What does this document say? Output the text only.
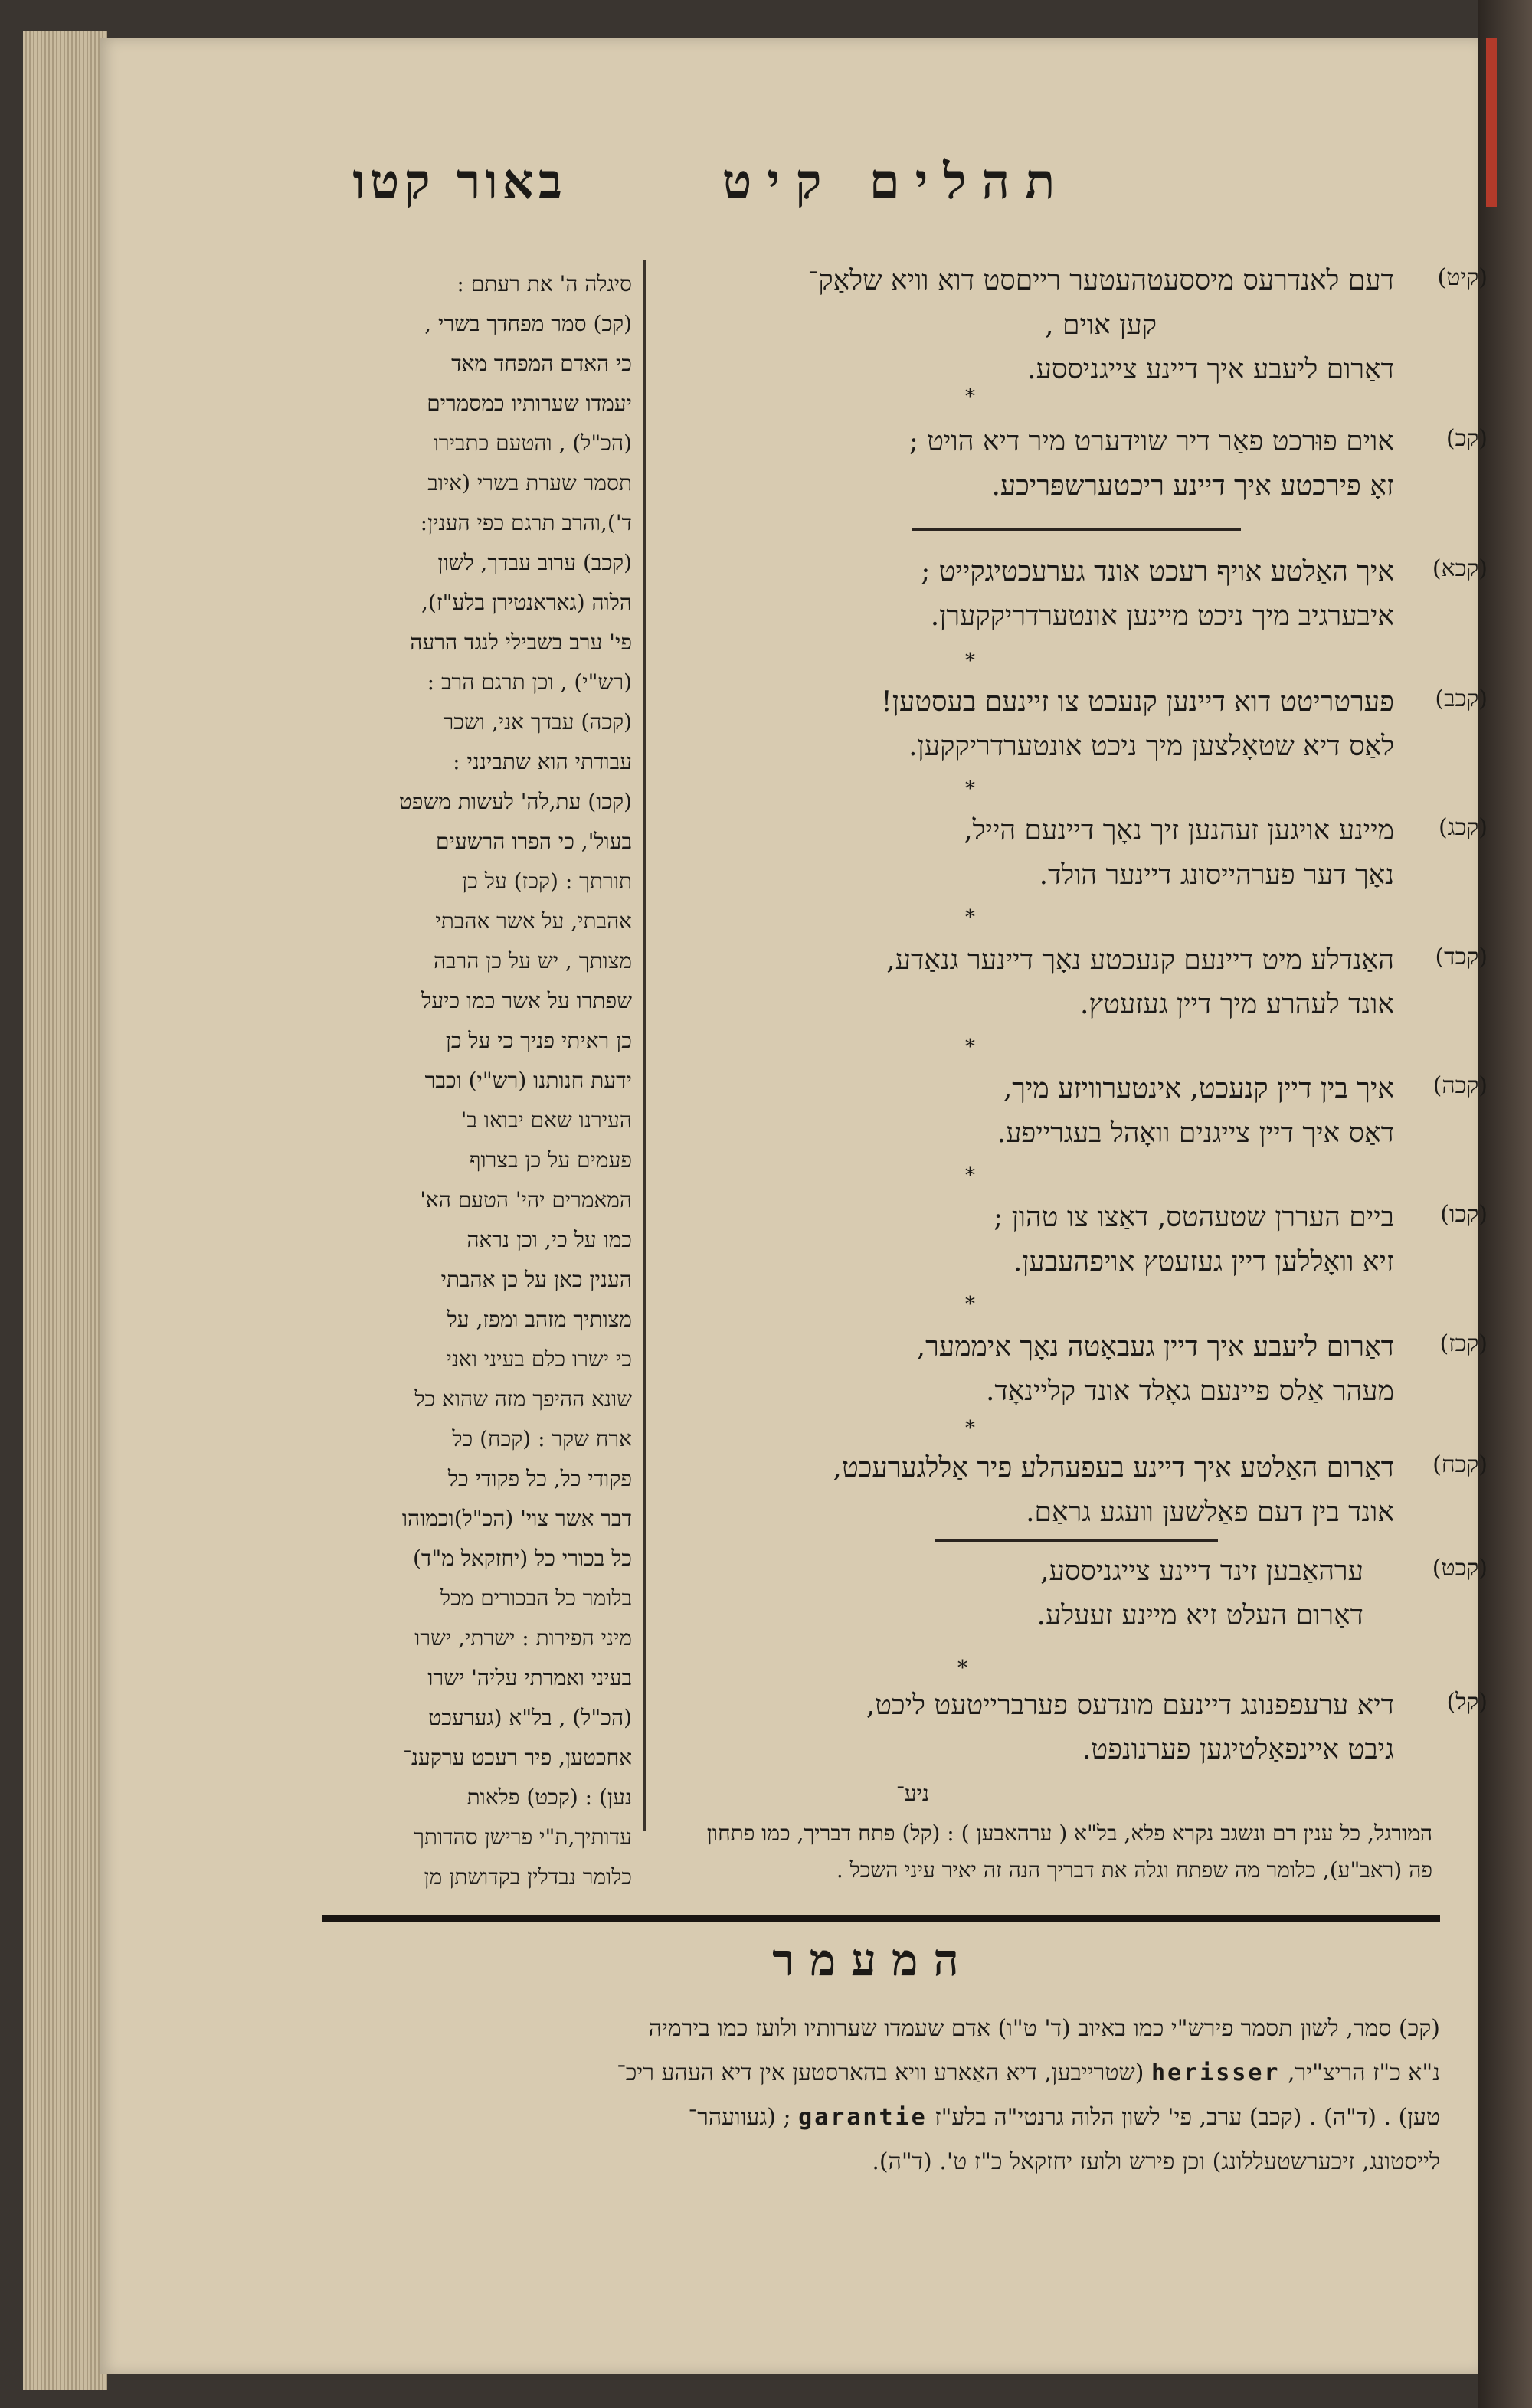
באור קטו	תהלים קיט
(קיט)
דעם לאנדרעס מיססעטהעטער רייםסט דוא וויא שלאַק־
קען אוים ,
דאַרום ליעבע איך דיינע צייגניססע.
*
(קכ)
אוים פוּרכט פאַר דיר שוידערט מיר דיא הויט ;
זאָ פירכטע איך דיינע ריכטערשפּריכע.
(קכא)
איך האַלטע אויף רעכט אונד גערעכטיגקייט ;
איבערגיב מיך ניכט מיינען אונטערדריקקערן.
*
(קכב)
פערטריטט דוא דיינען קנעכט צו זיינעם בעסטען!
לאַס דיא שטאָלצען מיך ניכט אונטערדריקקען.
*
(קכג)
מיינע אויגען זעהנען זיך נאָך דיינעם הייל,
נאָך דער פערהייסונג דיינער הולד.
*
(קכד)
האַנדלע מיט דיינעם קנעכטע נאָך דיינער גנאַדע,
אונד לעהרע מיך דיין געזעטץ.
*
(קכה)
איך בין דיין קנעכט, אינטערוויזע מיך,
דאַס איך דיין צייגנים וואָהל בעגרייפע.
*
(קכו)
ביים העררן שטעהטס, דאַצו צו טהון ;
זיא וואָללען דיין געזעטץ אויפהעבען.
*
(קכז)
דאַרום ליעבע איך דיין געבאָטה נאָך איממער,
מעהר אַלס פיינעם גאָלד אונד קליינאָד.
*
(קכח)
דאַרום האַלטע איך דיינע בעפעהלע פיר אַללגערעכט,
אונד בין דעם פאַלשען װעגע גראַם.
(קכט)
ערהאַבען זינד דיינע צייגניססע,
דאַרום העלט זיא מיינע זעעלע.
*
(קל)
דיא ערעפפנונג דיינעם מונדעס פערברייטעט ליכט,
גיבט איינפאַלטיגען פערנונפט.
ניע־
סיגלה ה' את רעתם :
(קכ) סמר מפחדך בשרי ,
כי האדם המפחד מאד
יעמדו שערותיו כמסמרים
(הכ"ל) , והטעם כתבירו
תסמר שערת בשרי (איוב
ד'),והרב תרגם כפי הענין:
(קכב) ערוב עבדך, לשון
הלוה (גאראנטירן בלע"ז),
פי' ערב בשבילי לנגד הרעה
(רש"י) , וכן תרגם הרב :
(קכה) עבדך אני, ושכר
עבודתי הוא שתבינני :
(קכו) עת,לה' לעשות משפט
בעול', כי הפרו הרשעים
תורתך : (קכז) על כן
אהבתי, על אשר אהבתי
מצותך , יש על כן הרבה
שפתרו על אשר כמו כיעל
כן ראיתי פניך כי על כן
ידעת חנותנו (רש"י) וכבר
העירנו שאם יבואו ב'
פעמים על כן בצרוף
המאמרים יהי' הטעם הא'
כמו על כי, וכן נראה
הענין כאן על כן אהבתי
מצותיך מזהב ומפז, על
כי ישרו כלם בעיני ואני
שונא ההיפך מזה שהוא כל
ארח שקר : (קכח) כל
פקודי כל, כל פקודי כל
דבר אשר צוי' (הכ"ל)וכמוהו
כל בכורי כל (יחזקאל מ"ד)
בלומר כל הבכורים מכל
מיני הפירות : ישרתי, ישרו
בעיני ואמרתי עליה' ישרו
(הכ"ל) , בל"א (גערעכט
אחכטען, פיר רעכט ערקענ־
נען) : (קכט) פלאות
עדותיך,ת"י פרישן סהדותך
כלומר נבדלין בקדושתן מן
המורגל, כל ענין רם ונשגב נקרא פלא, בל"א ( ערהאבען ) : (קל) פתח דבריך, כמו פתחון
פה (ראב"ע), כלומר מה שפתח וגלה את דבריך הנה זה יאיר עיני השכל .
המעמר
(קכ) סמר, לשון תסמר פירש"י כמו באיוב (ד' ט"ו) אדם שעמדו שערותיו ולועז כמו בירמיה
נ"א כ"ז הריצ"יר, herisser (שטרייבען, דיא האַארע וויא בהארסטען אין דיא העהע ריכ־
טען) . (ד"ה) . (קכב) ערב, פי' לשון הלוה גרנטי"ה בלע"ז garantie ; (געוועהר־
לייסטונג, זיכערשטעללונג) וכן פירש ולועז יחזקאל כ"ז ט'. (ד"ה).
